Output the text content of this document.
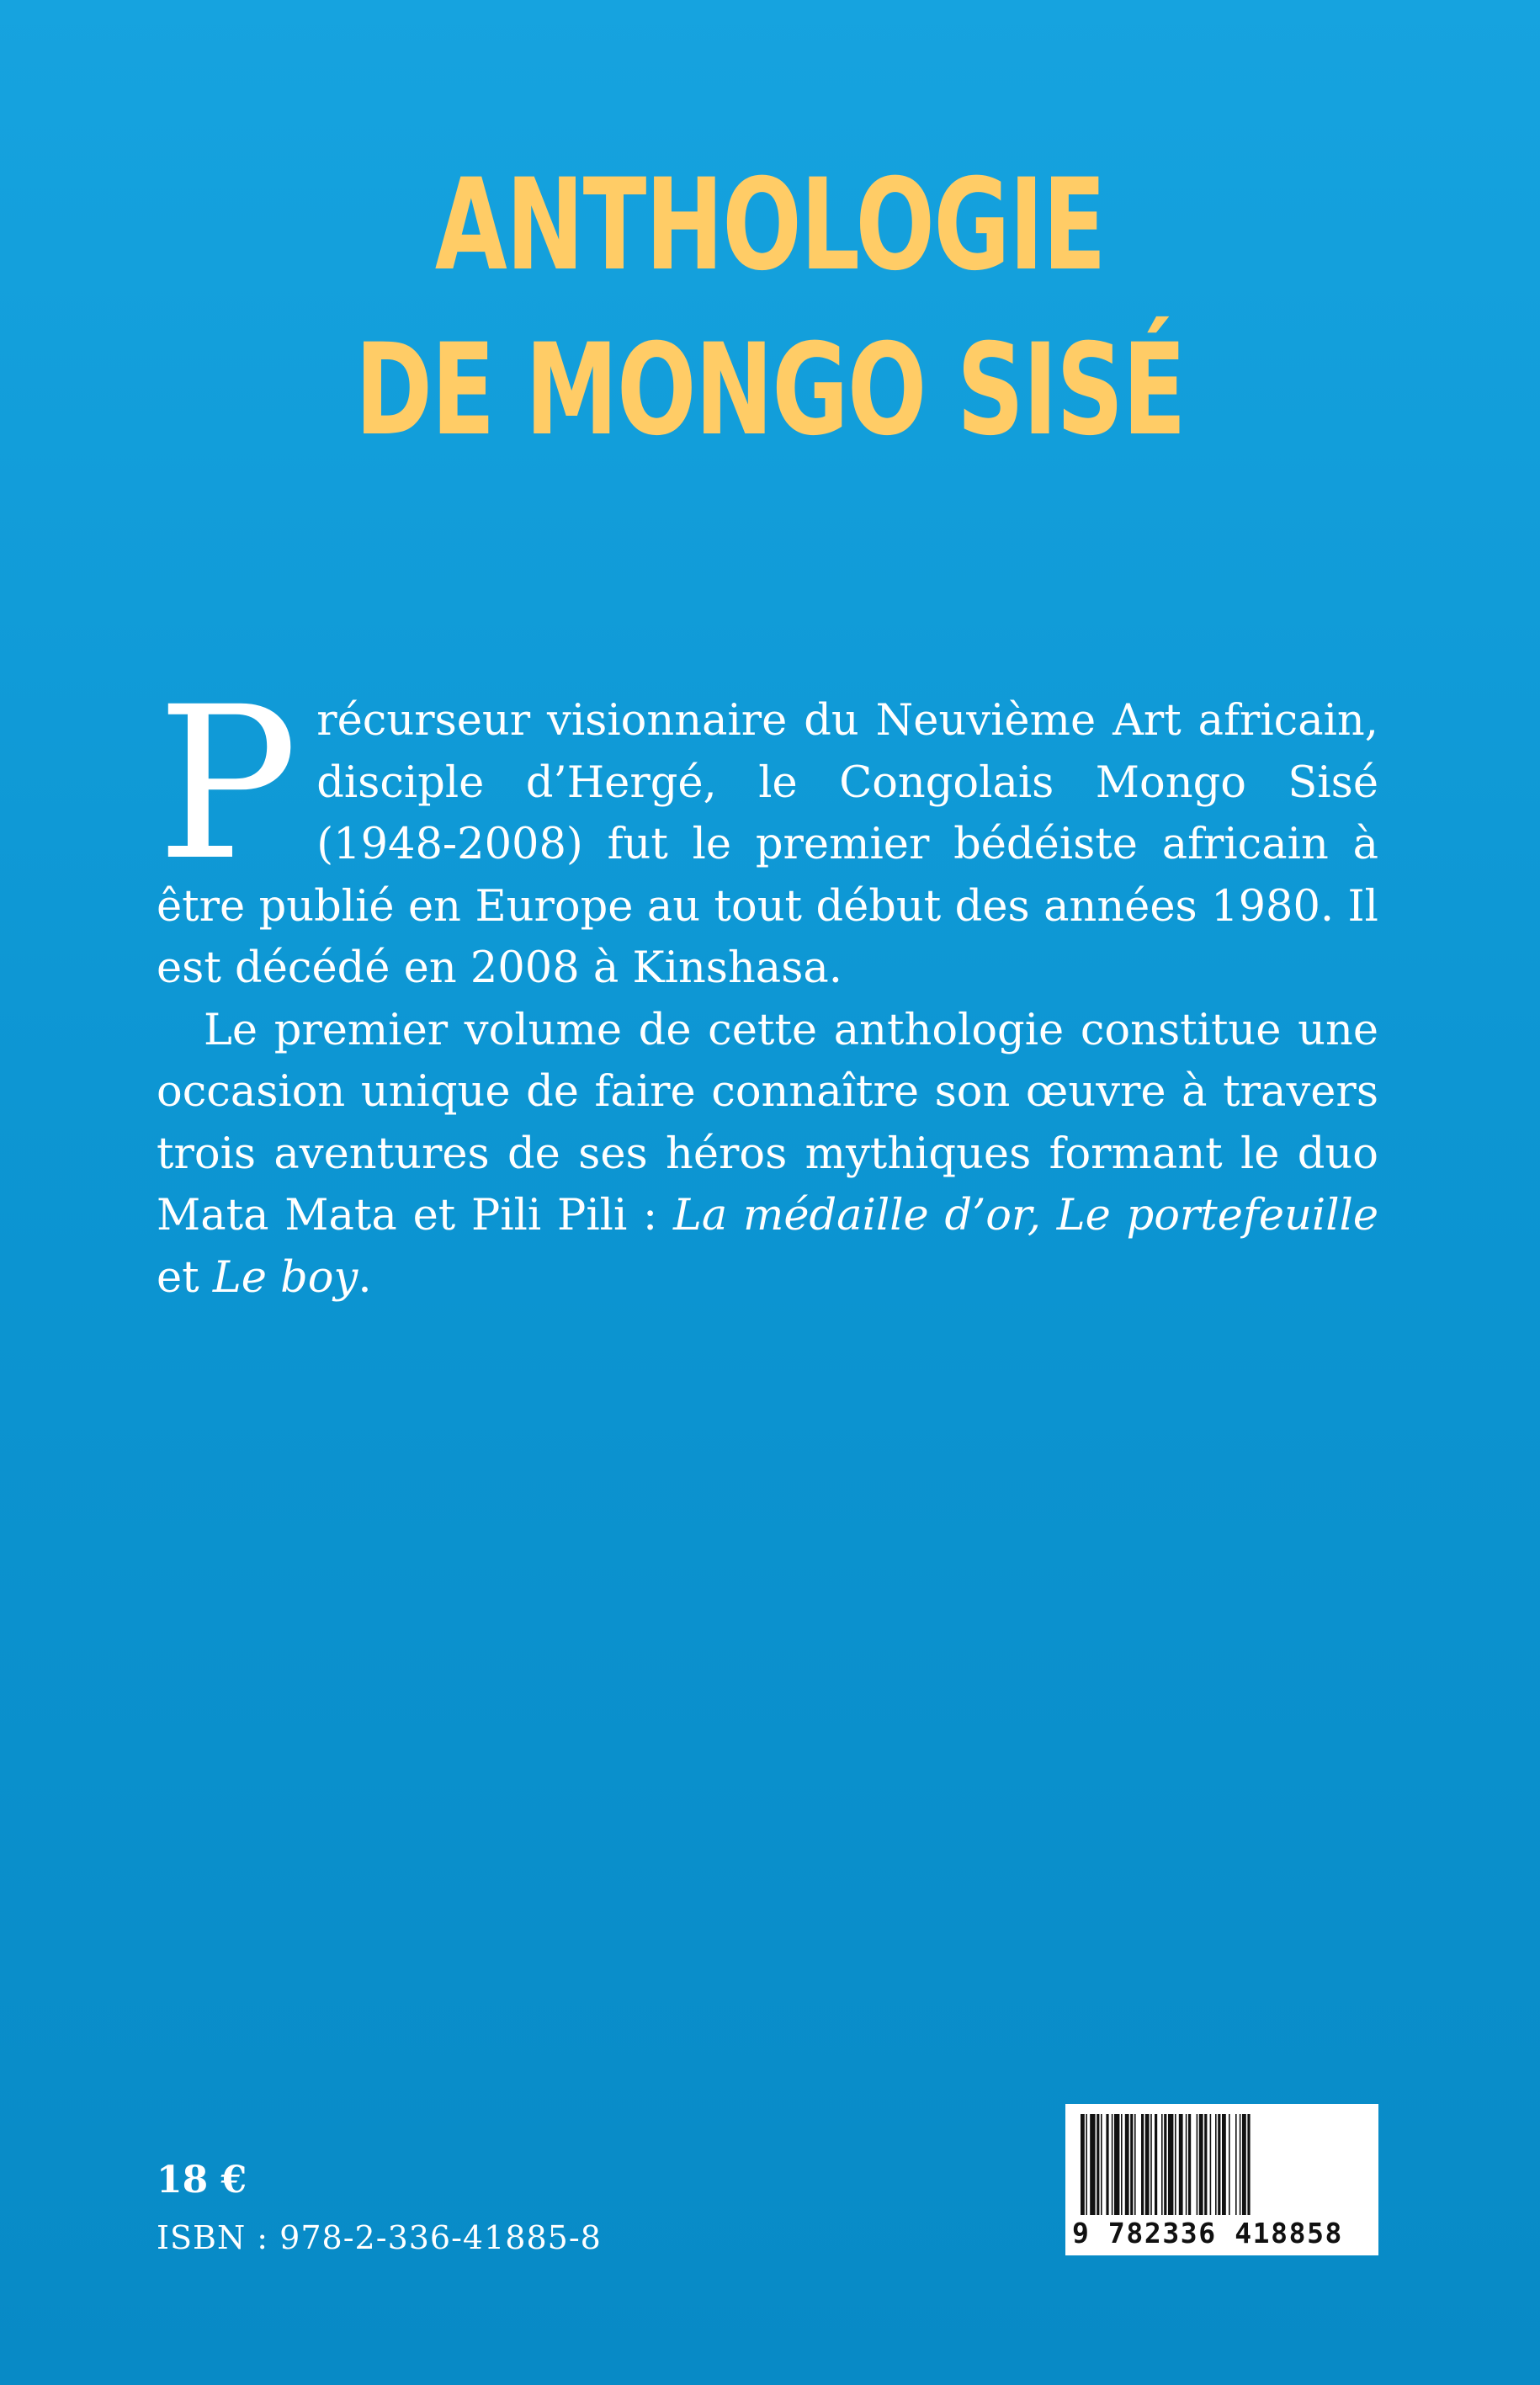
ANTHOLOGIE
DE MONGO SISÉ

Précurseur visionnaire du Neuvième Art africain, disciple d’Hergé, le Congolais Mongo Sisé (1948-2008) fut le premier bédéiste africain à être publié en Europe au tout début des années 1980. Il est décédé en 2008 à Kinshasa.

Le premier volume de cette anthologie constitue une occasion unique de faire connaître son œuvre à travers trois aventures de ses héros mythiques formant le duo Mata Mata et Pili Pili : La médaille d’or, Le portefeuille et Le boy.

18 €
ISBN : 978-2-336-41885-8	9 782336 418858
